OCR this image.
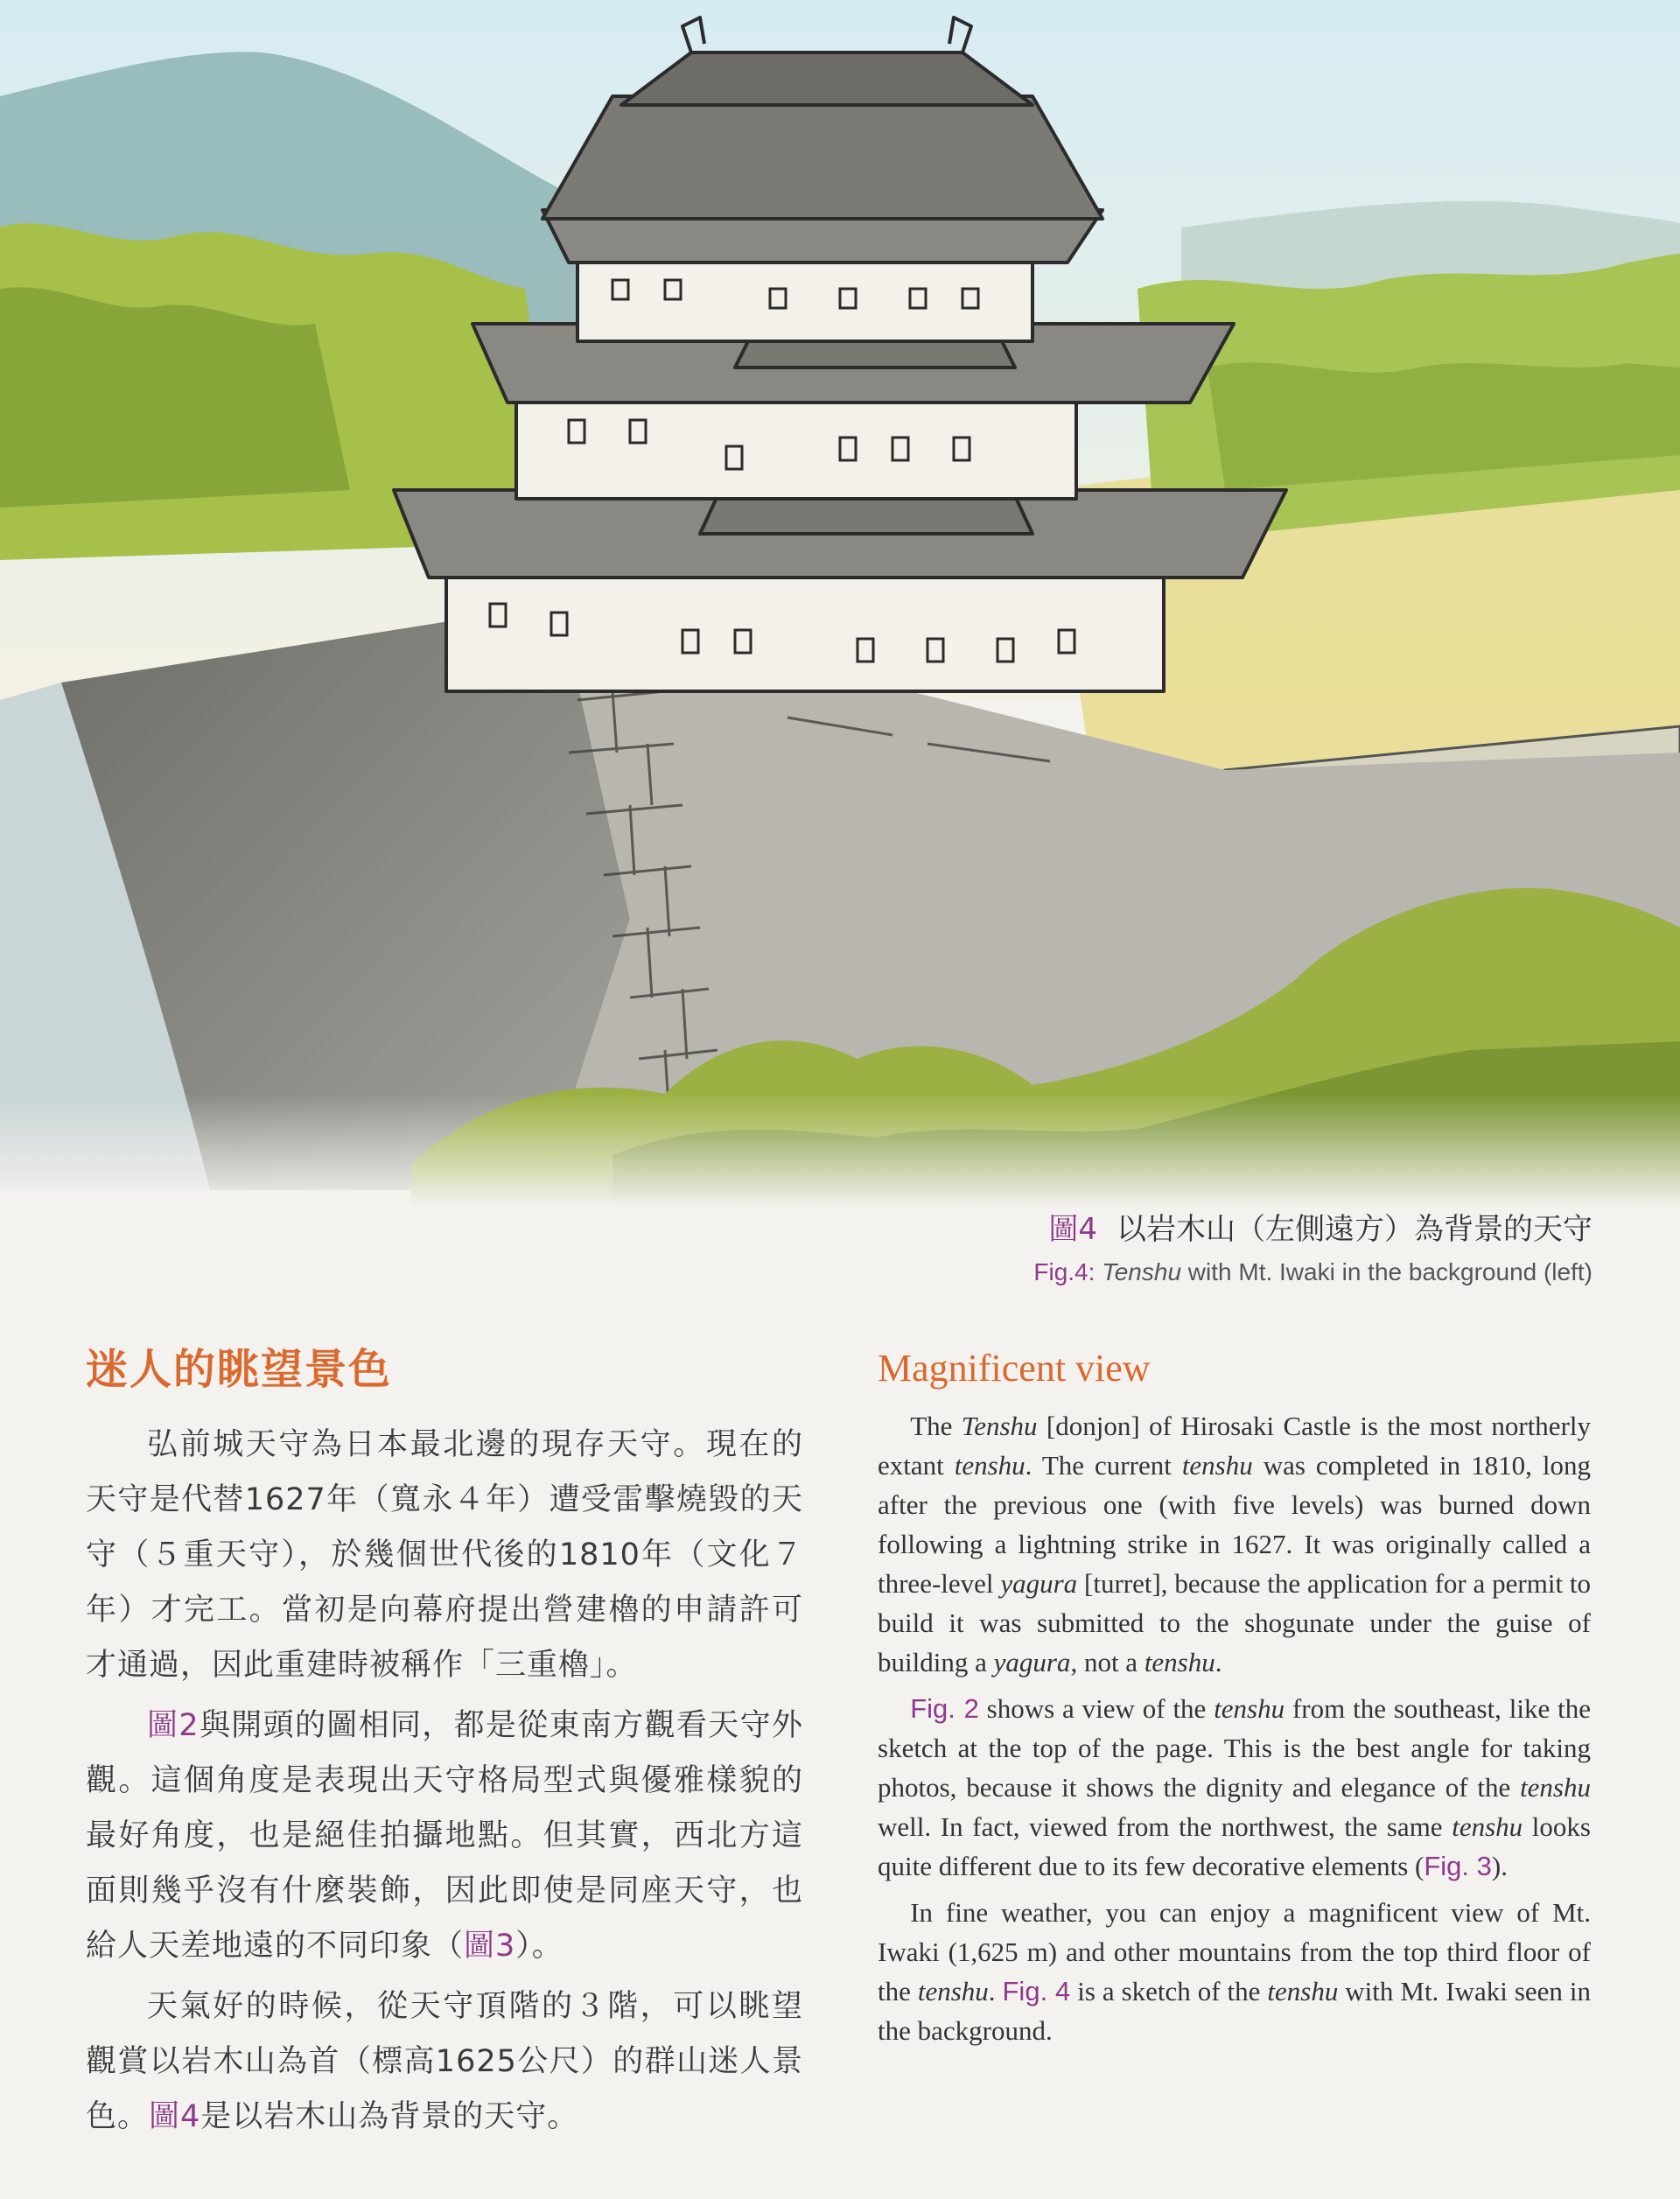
圖4 以岩木山（左側遠方）為背景的天守
Fig.4: Tenshu with Mt. Iwaki in the background (left)
迷人的眺望景色

弘前城天守為日本最北邊的現存天守。現在的天守是代替1627年（寬永４年）遭受雷擊燒毀的天守（５重天守），於幾個世代後的1810年（文化７年）才完工。當初是向幕府提出營建櫓的申請許可才通過，因此重建時被稱作「三重櫓」。

圖2與開頭的圖相同，都是從東南方觀看天守外觀。這個角度是表現出天守格局型式與優雅樣貌的最好角度，也是絕佳拍攝地點。但其實，西北方這面則幾乎沒有什麼裝飾，因此即使是同座天守，也給人天差地遠的不同印象（圖3）。

天氣好的時候，從天守頂階的３階，可以眺望觀賞以岩木山為首（標高1625公尺）的群山迷人景色。圖4是以岩木山為背景的天守。

Magnificent view

The Tenshu [donjon] of Hirosaki Castle is the most northerly extant tenshu. The current tenshu was completed in 1810, long after the previous one (with five levels) was burned down following a lightning strike in 1627. It was originally called a three-level yagura [turret], because the application for a permit to build it was submitted to the shogunate under the guise of building a yagura, not a tenshu.

Fig. 2 shows a view of the tenshu from the southeast, like the sketch at the top of the page. This is the best angle for taking photos, because it shows the dignity and elegance of the tenshu well. In fact, viewed from the northwest, the same tenshu looks quite different due to its few decorative elements (Fig. 3).

In fine weather, you can enjoy a magnificent view of Mt. Iwaki (1,625 m) and other mountains from the top third floor of the tenshu. Fig. 4 is a sketch of the tenshu with Mt. Iwaki seen in the background.
